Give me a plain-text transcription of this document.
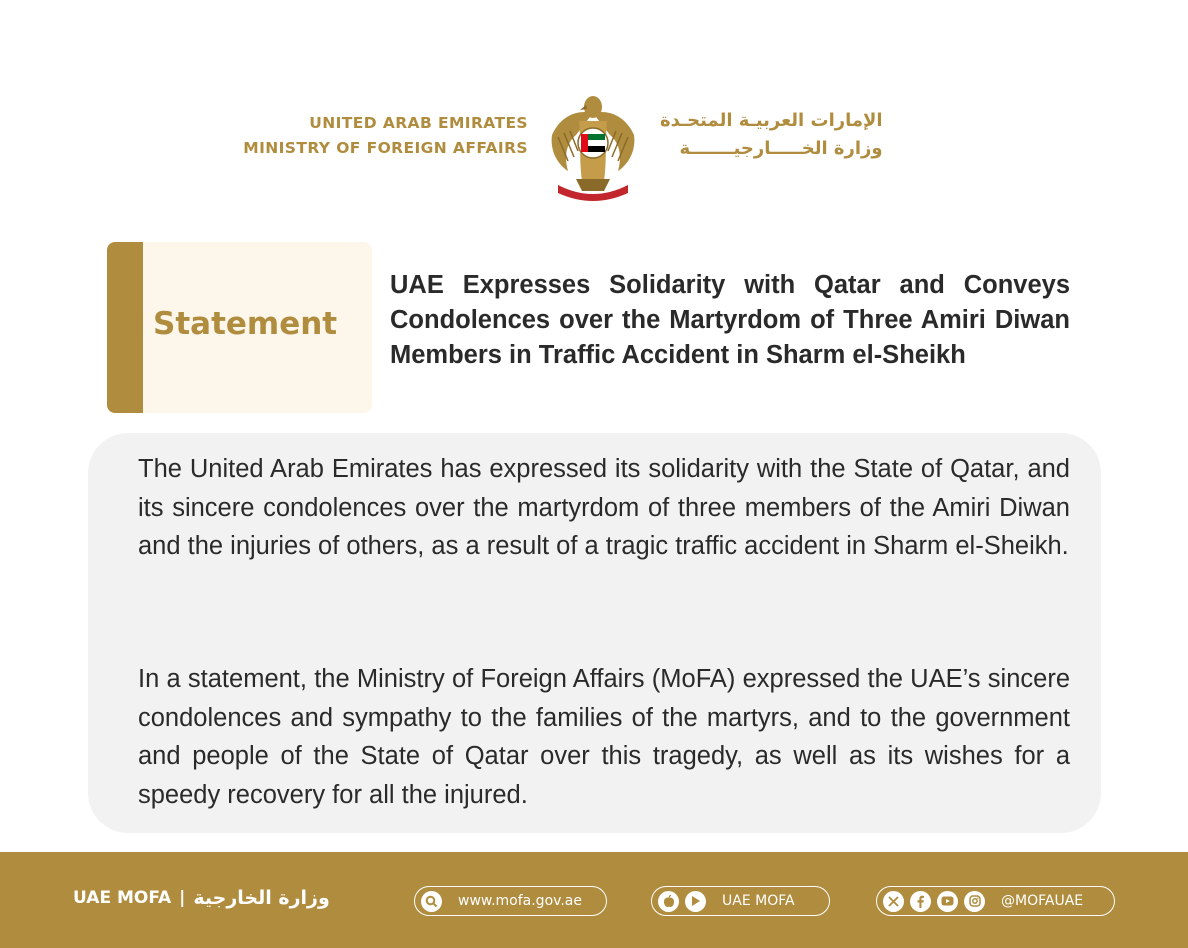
UNITED ARAB EMIRATES
MINISTRY OF FOREIGN AFFAIRS
الإمارات العربيـة المتحـدة
وزارة الخـــــارجيـــــــة
Statement
UAE Expresses Solidarity with Qatar and Conveys Condolences over the Martyrdom of Three Amiri Diwan Members in Traffic Accident in Sharm el-Sheikh

The United Arab Emirates has expressed its solidarity with the State of Qatar, and its sincere condolences over the martyrdom of three members of the Amiri Diwan and the injuries of others, as a result of a tragic traffic accident in Sharm el-Sheikh.

In a statement, the Ministry of Foreign Affairs (MoFA) expressed the UAE’s sincere condolences and sympathy to the families of the martyrs, and to the government and people of the State of Qatar over this tragedy, as well as its wishes for a speedy recovery for all the injured.

UAE MOFA | وزارة الخارجية	www.mofa.gov.ae	UAE MOFA	@MOFAUAE
